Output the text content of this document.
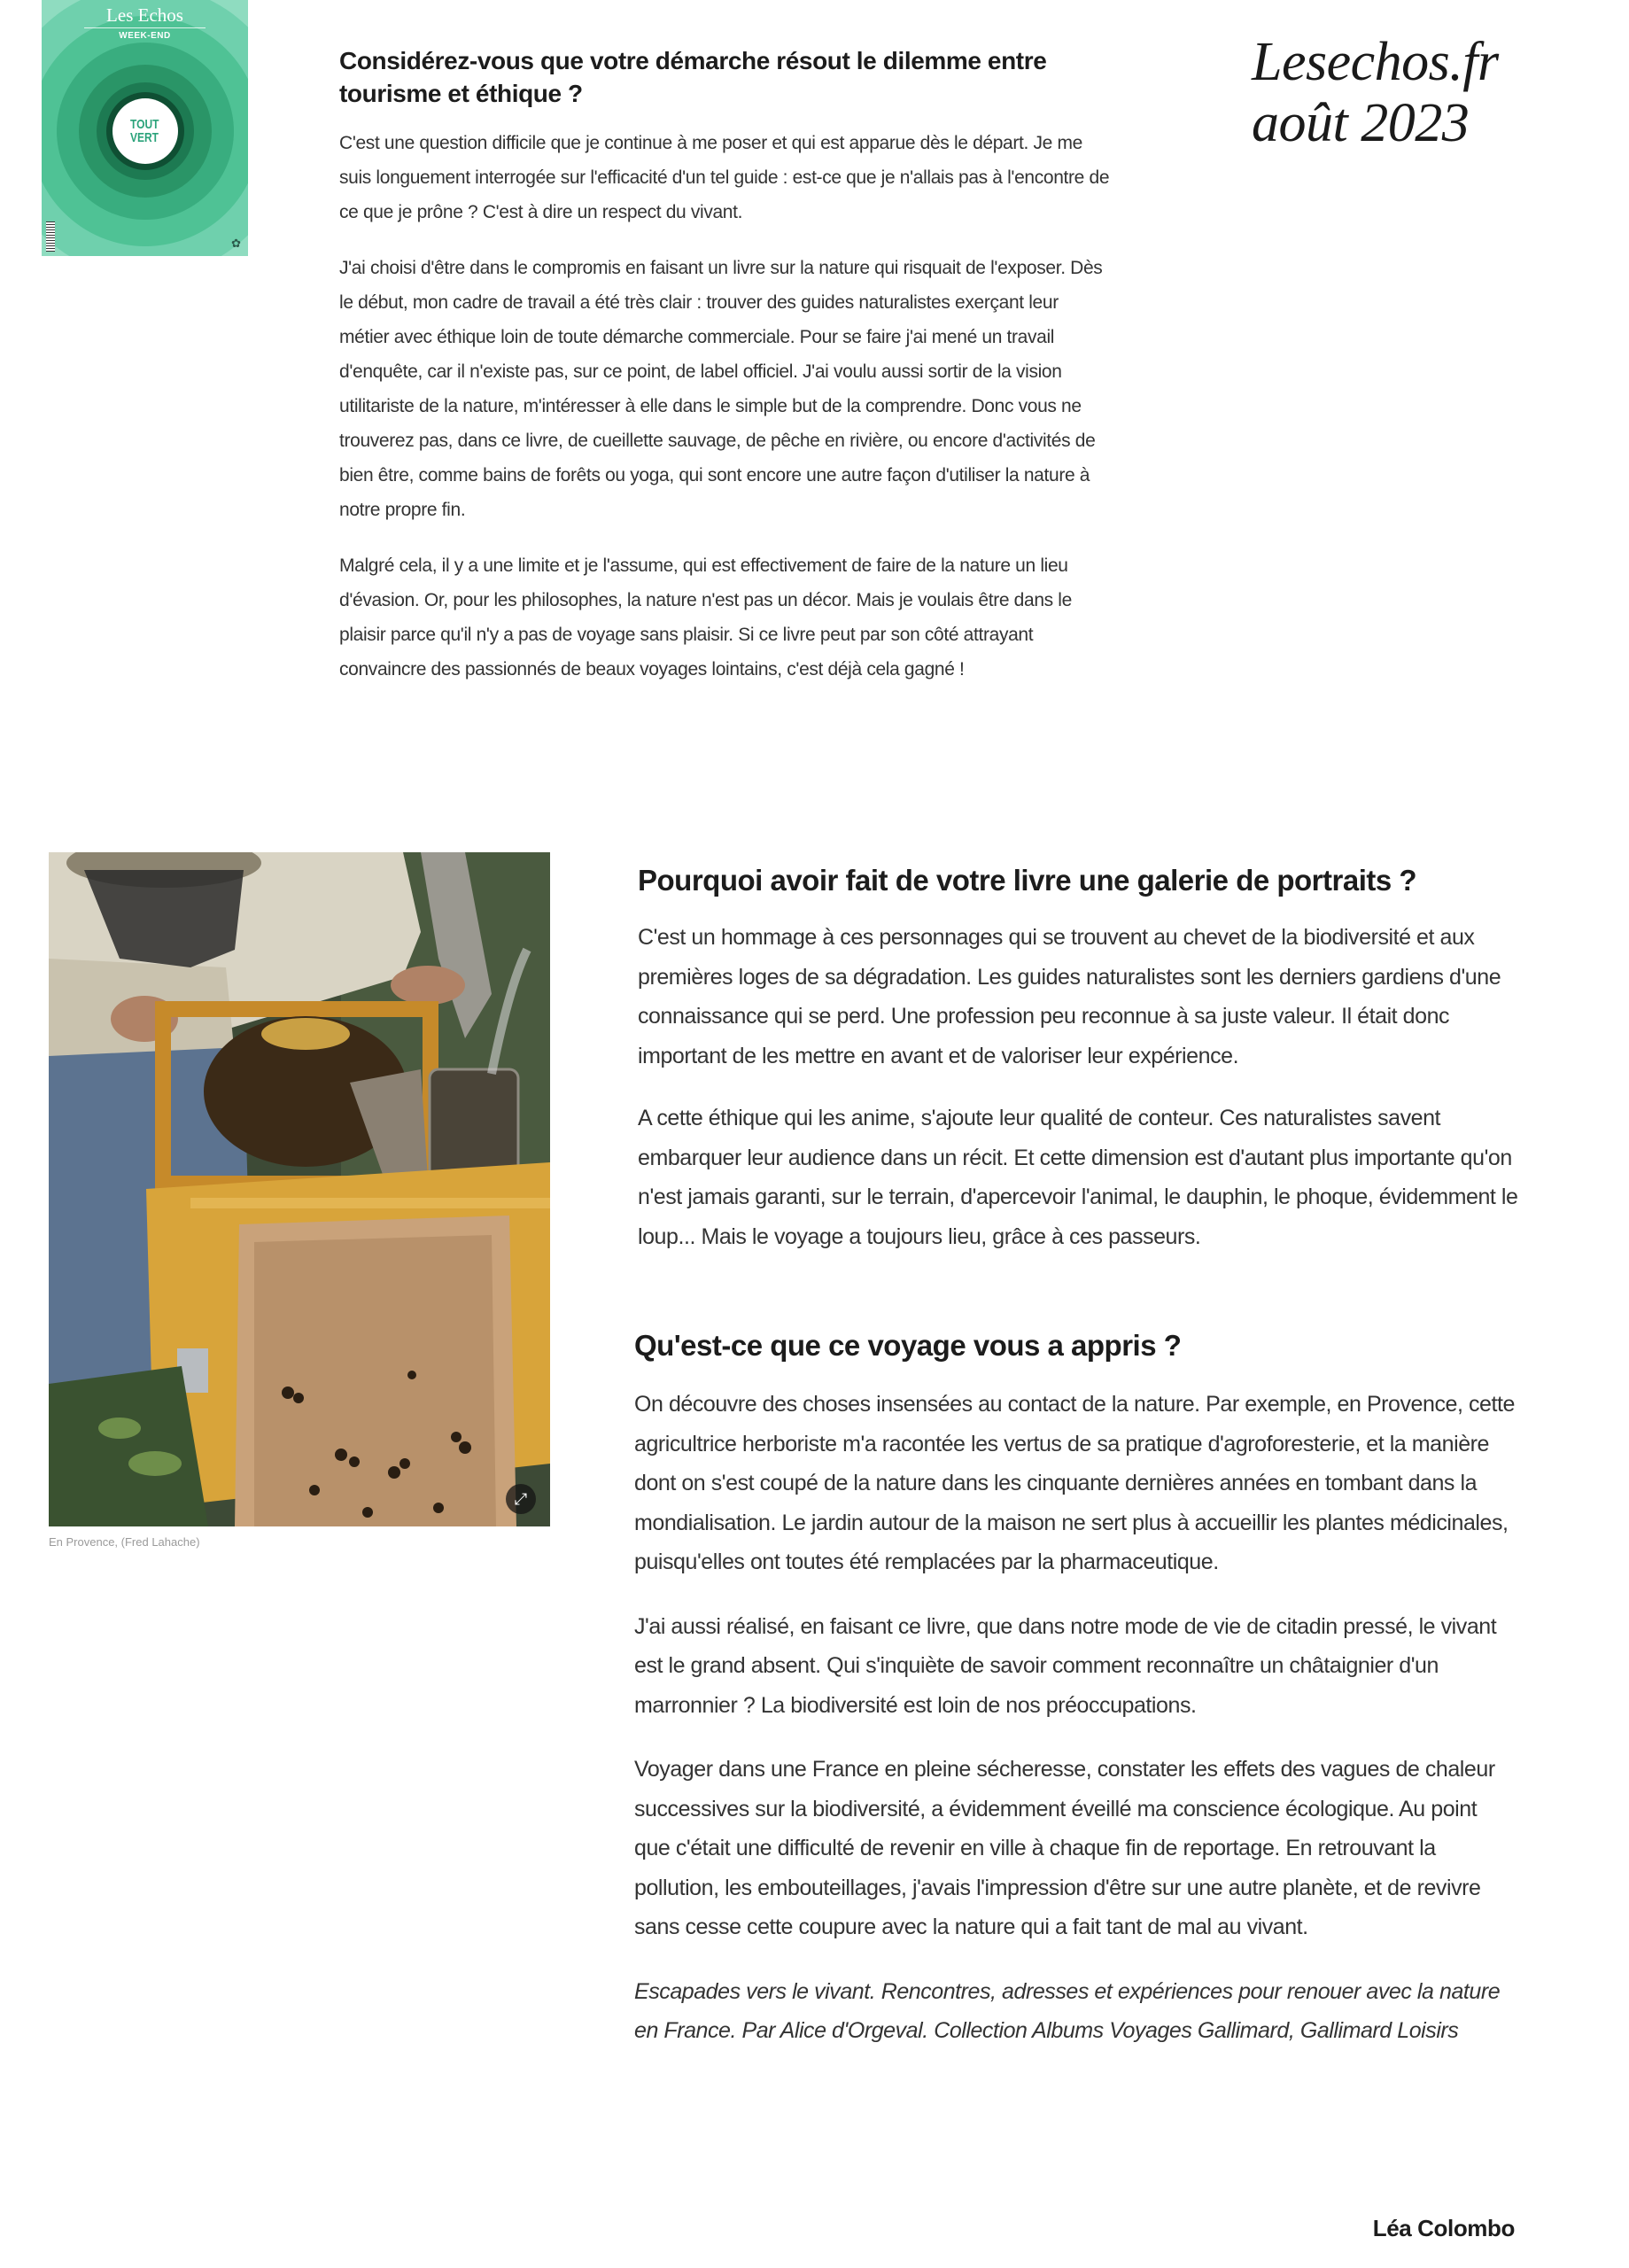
TOUT
VERT
Les Echos
WEEK-END
✿
Lesechos.fr
août 2023
Considérez-vous que votre démarche résout le dilemme entre tourisme et éthique ?

C'est une question difficile que je continue à me poser et qui est apparue dès le départ. Je me suis longuement interrogée sur l'efficacité d'un tel guide : est-ce que je n'allais pas à l'encontre de ce que je prône ? C'est à dire un respect du vivant.

J'ai choisi d'être dans le compromis en faisant un livre sur la nature qui risquait de l'exposer. Dès le début, mon cadre de travail a été très clair : trouver des guides naturalistes exerçant leur métier avec éthique loin de toute démarche commerciale. Pour se faire j'ai mené un travail d'enquête, car il n'existe pas, sur ce point, de label officiel. J'ai voulu aussi sortir de la vision utilitariste de la nature, m'intéresser à elle dans le simple but de la comprendre. Donc vous ne trouverez pas, dans ce livre, de cueillette sauvage, de pêche en rivière, ou encore d'activités de bien être, comme bains de forêts ou yoga, qui sont encore une autre façon d'utiliser la nature à notre propre fin.

Malgré cela, il y a une limite et je l'assume, qui est effectivement de faire de la nature un lieu d'évasion. Or, pour les philosophes, la nature n'est pas un décor. Mais je voulais être dans le plaisir parce qu'il n'y a pas de voyage sans plaisir. Si ce livre peut par son côté attrayant convaincre des passionnés de beaux voyages lointains, c'est déjà cela gagné !

⤢
En Provence, (Fred Lahache)
Pourquoi avoir fait de votre livre une galerie de portraits ?

C'est un hommage à ces personnages qui se trouvent au chevet de la biodiversité et aux premières loges de sa dégradation. Les guides naturalistes sont les derniers gardiens d'une connaissance qui se perd. Une profession peu reconnue à sa juste valeur. Il était donc important de les mettre en avant et de valoriser leur expérience.

A cette éthique qui les anime, s'ajoute leur qualité de conteur. Ces naturalistes savent embarquer leur audience dans un récit. Et cette dimension est d'autant plus importante qu'on n'est jamais garanti, sur le terrain, d'apercevoir l'animal, le dauphin, le phoque, évidemment le loup... Mais le voyage a toujours lieu, grâce à ces passeurs.

Qu'est-ce que ce voyage vous a appris ?

On découvre des choses insensées au contact de la nature. Par exemple, en Provence, cette agricultrice herboriste m'a racontée les vertus de sa pratique d'agroforesterie, et la manière dont on s'est coupé de la nature dans les cinquante dernières années en tombant dans la mondialisation. Le jardin autour de la maison ne sert plus à accueillir les plantes médicinales, puisqu'elles ont toutes été remplacées par la pharmaceutique.

J'ai aussi réalisé, en faisant ce livre, que dans notre mode de vie de citadin pressé, le vivant est le grand absent. Qui s'inquiète de savoir comment reconnaître un châtaignier d'un marronnier ? La biodiversité est loin de nos préoccupations.

Voyager dans une France en pleine sécheresse, constater les effets des vagues de chaleur successives sur la biodiversité, a évidemment éveillé ma conscience écologique. Au point que c'était une difficulté de revenir en ville à chaque fin de reportage. En retrouvant la pollution, les embouteillages, j'avais l'impression d'être sur une autre planète, et de revivre sans cesse cette coupure avec la nature qui a fait tant de mal au vivant.

Escapades vers le vivant. Rencontres, adresses et expériences pour renouer avec la nature en France. Par Alice d'Orgeval. Collection Albums Voyages Gallimard, Gallimard Loisirs

Léa Colombo
